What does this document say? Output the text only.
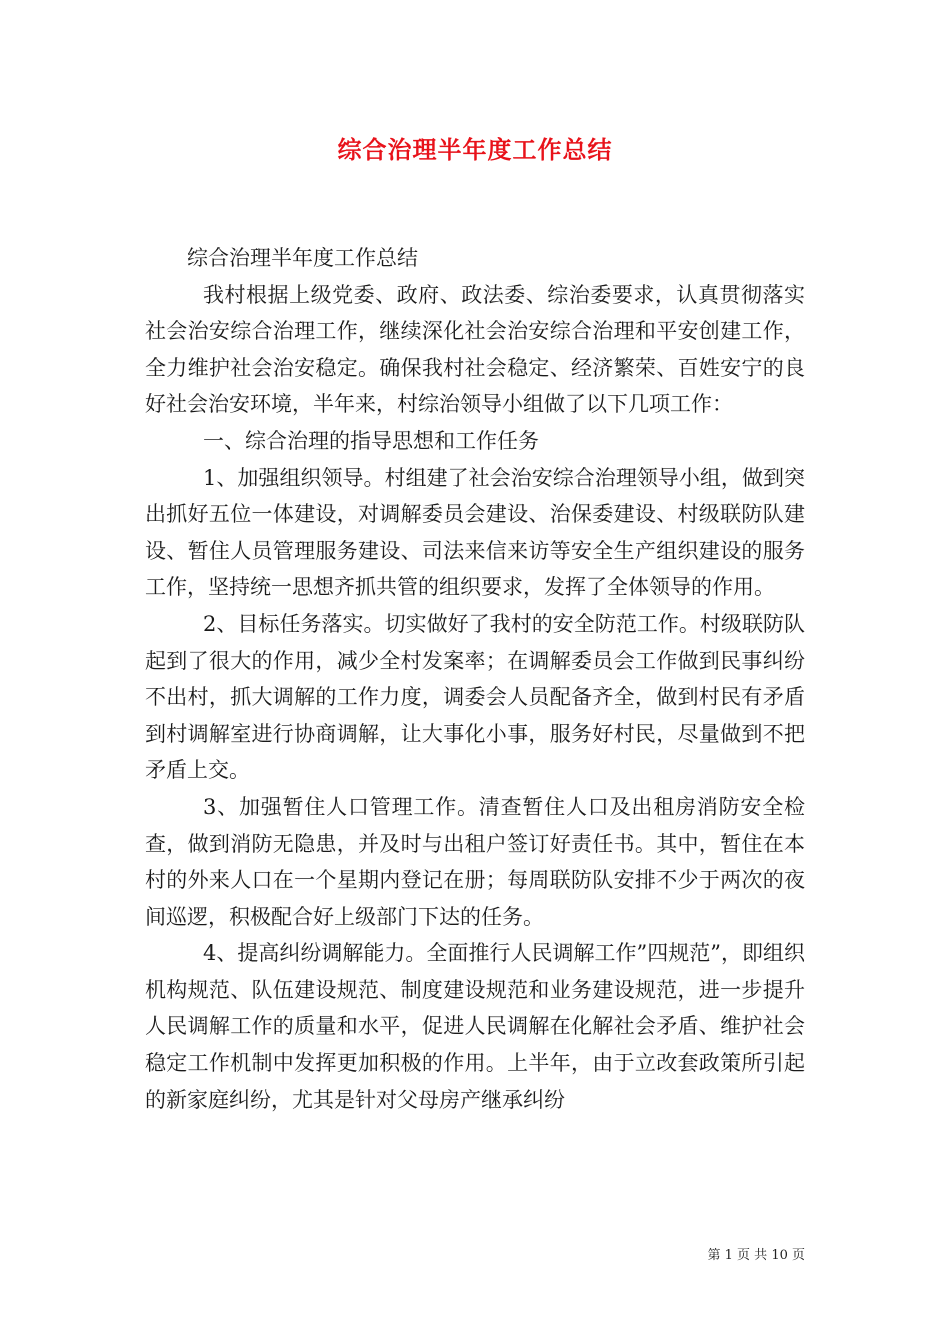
综合治理半年度工作总结

综合治理半年度工作总结

我村根据上级党委、政府、政法委、综治委要求，认真贯彻落实社会治安综合治理工作，继续深化社会治安综合治理和平安创建工作，全力维护社会治安稳定。确保我村社会稳定、经济繁荣、百姓安宁的良好社会治安环境，半年来，村综治领导小组做了以下几项工作：

一、综合治理的指导思想和工作任务

1、加强组织领导。村组建了社会治安综合治理领导小组，做到突出抓好五位一体建设，对调解委员会建设、治保委建设、村级联防队建设、暂住人员管理服务建设、司法来信来访等安全生产组织建设的服务工作，坚持统一思想齐抓共管的组织要求，发挥了全体领导的作用。

2、目标任务落实。切实做好了我村的安全防范工作。村级联防队起到了很大的作用，减少全村发案率；在调解委员会工作做到民事纠纷不出村，抓大调解的工作力度，调委会人员配备齐全，做到村民有矛盾到村调解室进行协商调解，让大事化小事，服务好村民，尽量做到不把矛盾上交。

3、加强暂住人口管理工作。清查暂住人口及出租房消防安全检查，做到消防无隐患，并及时与出租户签订好责任书。其中，暂住在本村的外来人口在一个星期内登记在册；每周联防队安排不少于两次的夜间巡逻，积极配合好上级部门下达的任务。

4、提高纠纷调解能力。全面推行人民调解工作”四规范”，即组织机构规范、队伍建设规范、制度建设规范和业务建设规范，进一步提升人民调解工作的质量和水平，促进人民调解在化解社会矛盾、维护社会稳定工作机制中发挥更加积极的作用。上半年，由于立改套政策所引起的新家庭纠纷，尤其是针对父母房产继承纠纷

第 1 页 共 10 页
